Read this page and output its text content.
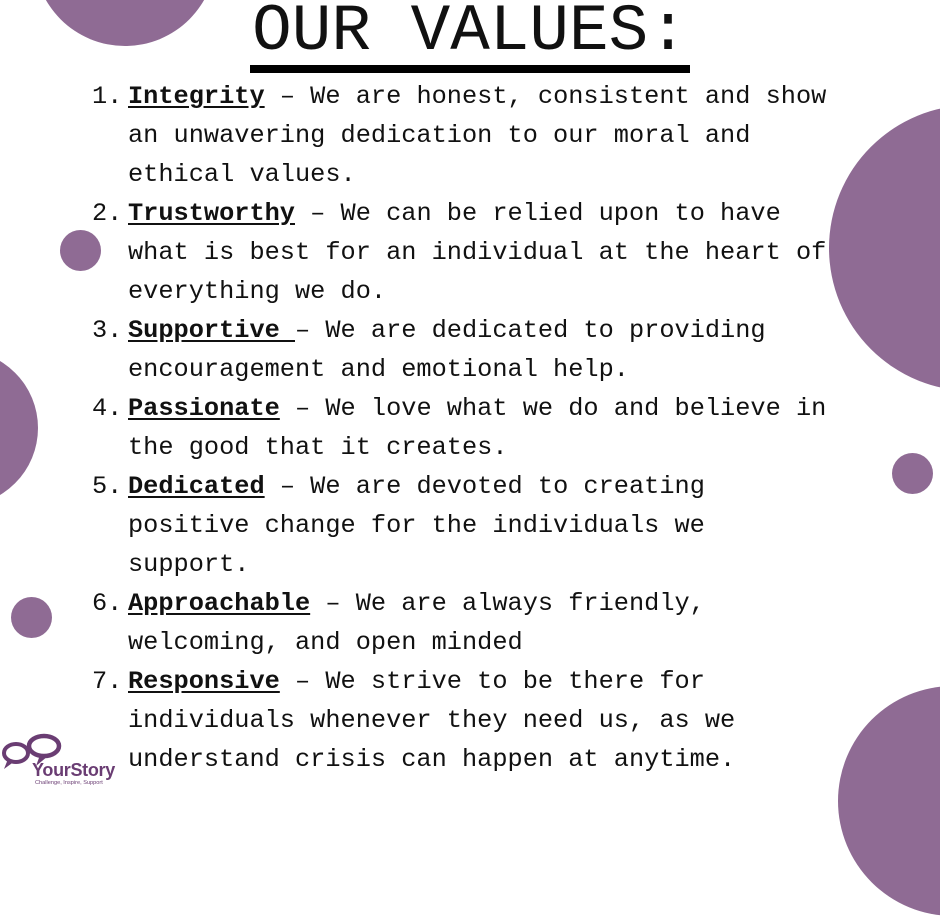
OUR VALUES:
1. Integrity – We are honest, consistent and show an unwavering dedication to our moral and ethical values.
2. Trustworthy – We can be relied upon to have what is best for an individual at the heart of everything we do.
3. Supportive – We are dedicated to providing encouragement and emotional help.
4. Passionate – We love what we do and believe in the good that it creates.
5. Dedicated – We are devoted to creating positive change for the individuals we support.
6. Approachable – We are always friendly, welcoming, and open minded
7. Responsive – We strive to be there for individuals whenever they need us, as we understand crisis can happen at anytime.
YourStory
Challenge, Inspire, Support
